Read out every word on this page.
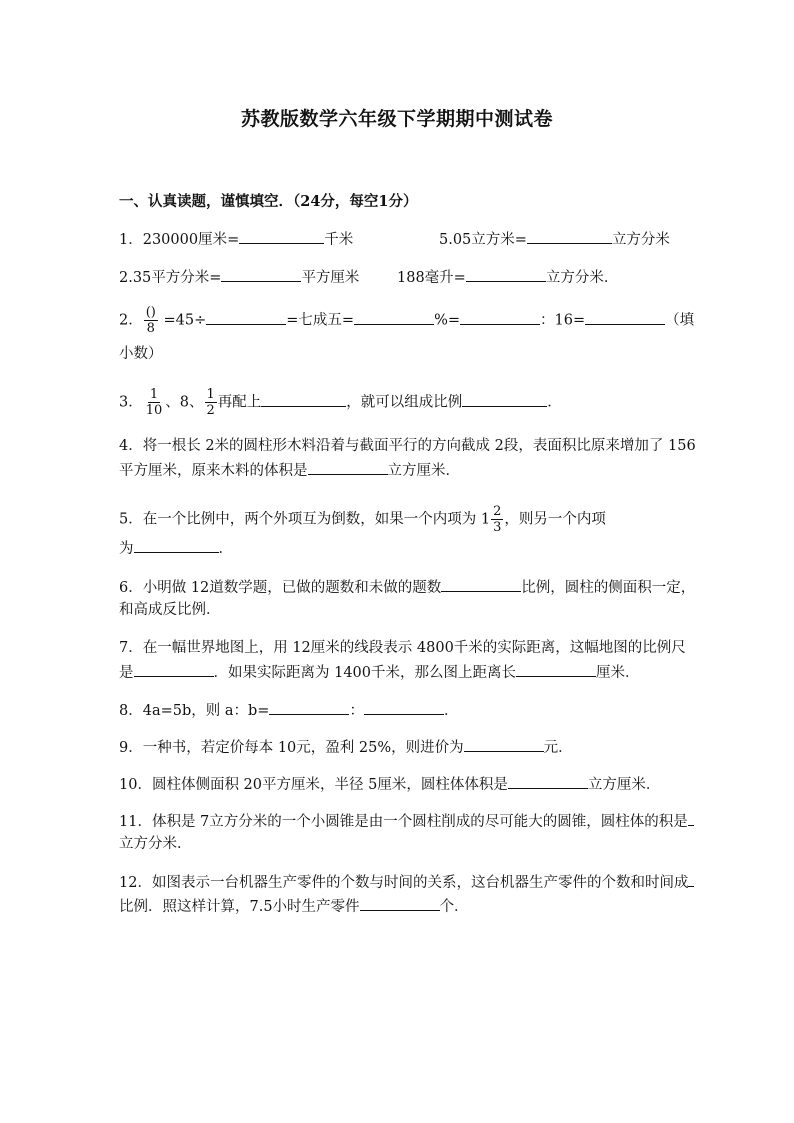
苏教版数学六年级下学期期中测试卷
一、认真读题，谨慎填空．（24分，每空1分）
1．230000厘米=	千米	5.05立方米=	立方分米
2.35平方分米=	平方厘米	188毫升=	立方分米．
2． $\frac{()}{8} =45\div$	=七成五=	%=	：16=	（填
小数）
3． $\frac{1}{10}$ 、8、 $\frac{1}{2}$ 再配上	，就可以组成比例	．
4．将一根长 2米的圆柱形木料沿着与截面平行的方向截成 2段，表面积比原来增加了 156
平方厘米，原来木料的体积是	立方厘米．
5．在一个比例中，两个外项互为倒数，如果一个内项为 $1 \frac{2}{3}$ ，则另一个内项
为	．
6．小明做 12道数学题，已做的题数和未做的题数	比例，圆柱的侧面积一定，
和高成反比例．
7．在一幅世界地图上，用 12厘米的线段表示 4800千米的实际距离，这幅地图的比例尺
是	．如果实际距离为 1400千米，那么图上距离长	厘米．
8．4a=5b，则 a：b=	：	．
9．一种书，若定价每本 10元，盈利 25%，则进价为	元．
10．圆柱体侧面积 20平方厘米，半径 5厘米，圆柱体体积是	立方厘米．
11．体积是 7立方分米的一个小圆锥是由一个圆柱削成的尽可能大的圆锥，圆柱体的积是
立方分米．
12．如图表示一台机器生产零件的个数与时间的关系，这台机器生产零件的个数和时间成
比例．照这样计算，7.5小时生产零件	个．
